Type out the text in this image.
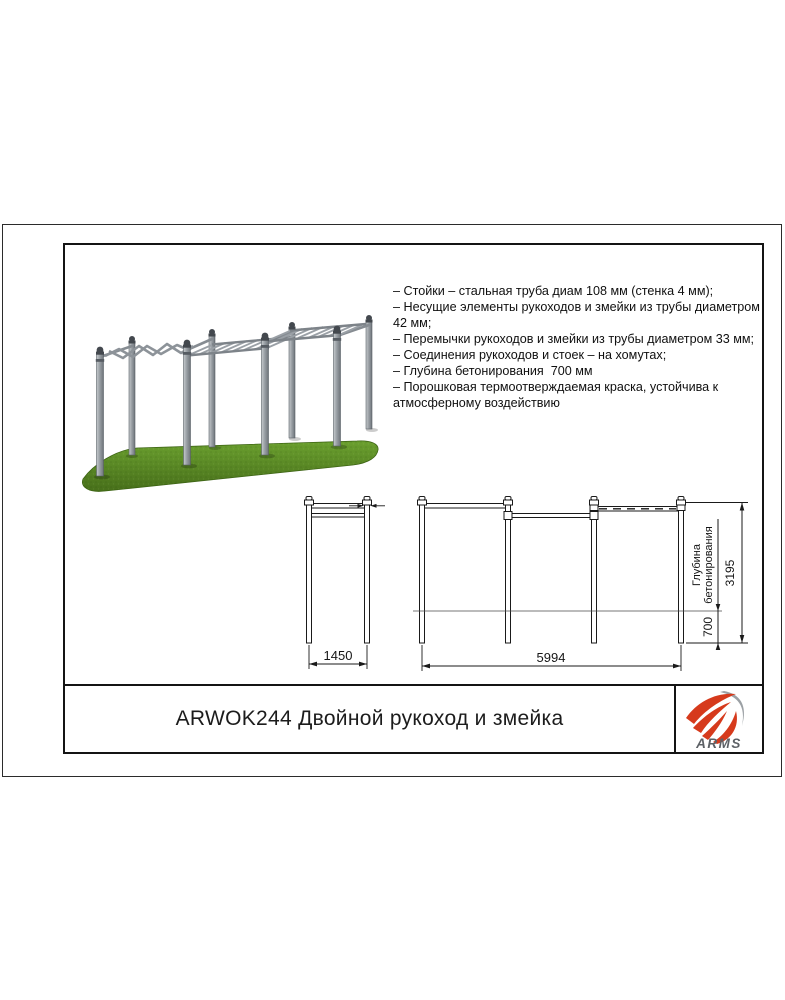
– Стойки – стальная труба диам 108 мм (стенка 4 мм);
– Несущие элементы рукоходов и змейки из трубы диаметром 42 мм;
– Перемычки рукоходов и змейки из трубы диаметром 33 мм;
– Соединения рукоходов и стоек – на хомутах;
– Глубина бетонирования  700 мм
– Порошковая термоотверждаемая краска, устойчива к атмосферному воздействию
1450	5994
700
Глубина бетонирования 3195
ARWOK244 Двойной рукоход и змейка
ARMS
